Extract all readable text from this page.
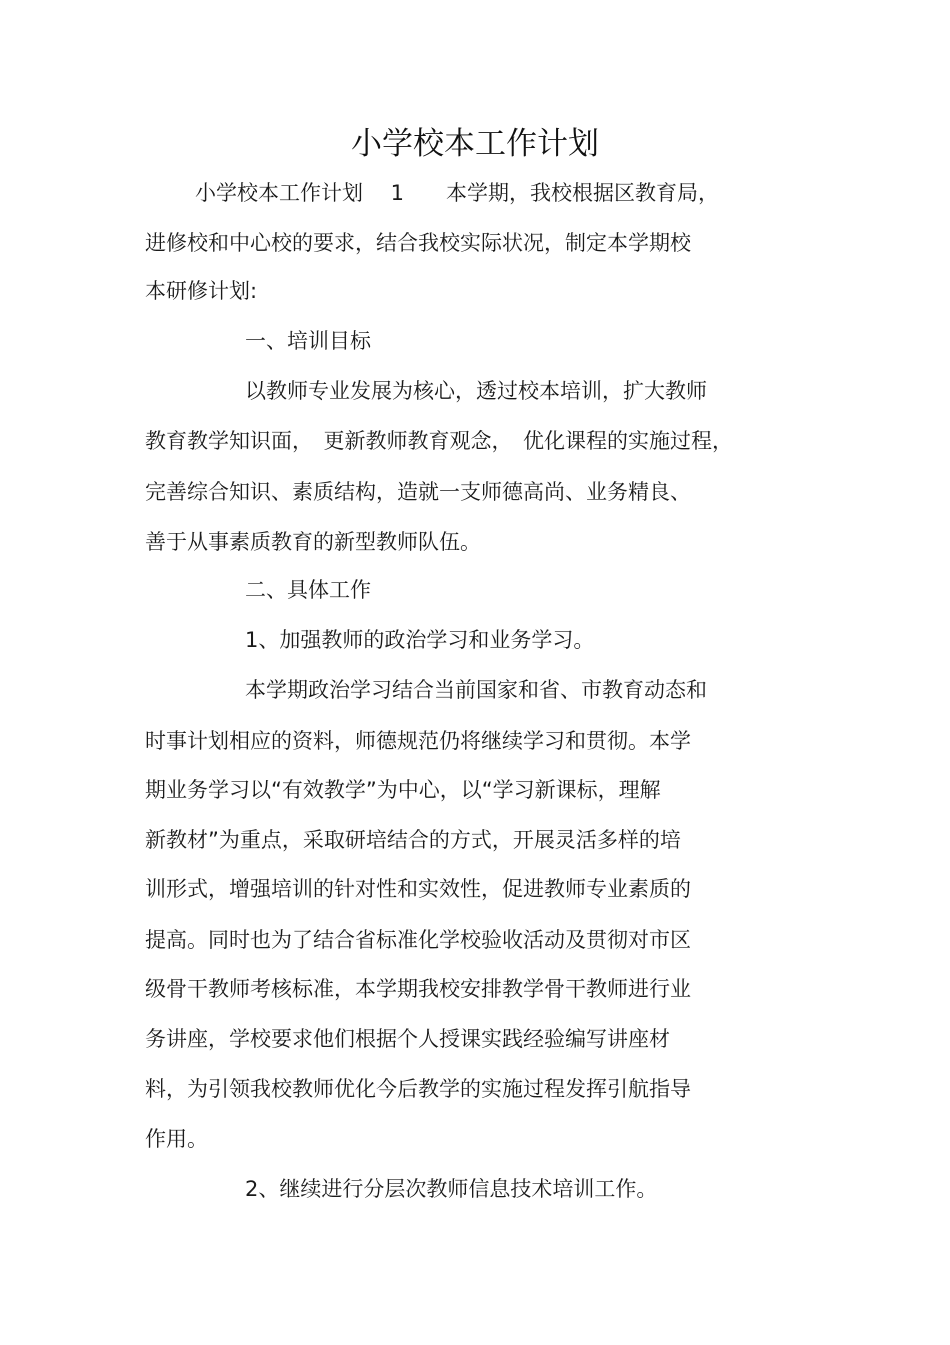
小学校本工作计划

小学校本工作计划　 1　　本学期，我校根据区教育局，

进修校和中心校的要求，结合我校实际状况，制定本学期校

本研修计划:

一、培训目标

以教师专业发展为核心，透过校本培训，扩大教师

教育教学知识面，　更新教师教育观念，　优化课程的实施过程，

完善综合知识、素质结构，造就一支师德高尚、业务精良、

善于从事素质教育的新型教师队伍。

二、具体工作

1、加强教师的政治学习和业务学习。

本学期政治学习结合当前国家和省、市教育动态和

时事计划相应的资料，师德规范仍将继续学习和贯彻。本学

期业务学习以“有效教学”为中心，以“学习新课标，理解

新教材”为重点，采取研培结合的方式，开展灵活多样的培

训形式，增强培训的针对性和实效性，促进教师专业素质的

提高。同时也为了结合省标准化学校验收活动及贯彻对市区

级骨干教师考核标准，本学期我校安排教学骨干教师进行业

务讲座，学校要求他们根据个人授课实践经验编写讲座材

料，为引领我校教师优化今后教学的实施过程发挥引航指导

作用。

2、继续进行分层次教师信息技术培训工作。
